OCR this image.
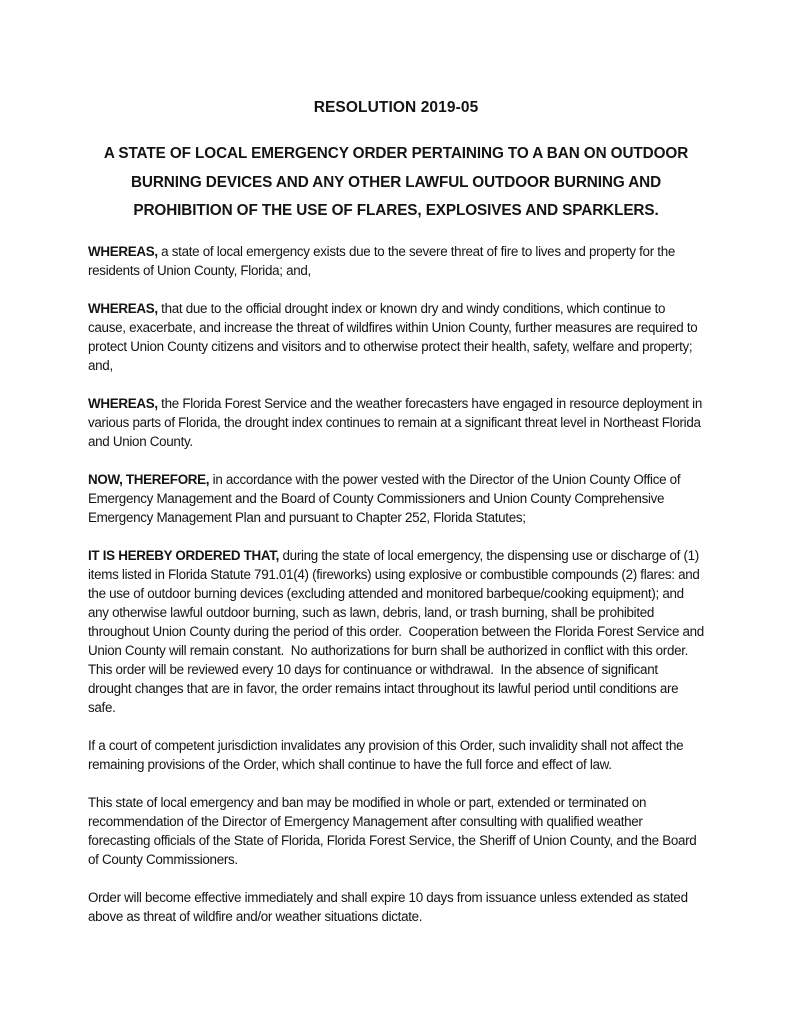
RESOLUTION 2019-05
A STATE OF LOCAL EMERGENCY ORDER PERTAINING TO A BAN ON OUTDOOR
BURNING DEVICES AND ANY OTHER LAWFUL OUTDOOR BURNING AND
PROHIBITION OF THE USE OF FLARES, EXPLOSIVES AND SPARKLERS.

WHEREAS, a state of local emergency exists due to the severe threat of fire to lives and property for the residents of Union County, Florida; and,

WHEREAS, that due to the official drought index or known dry and windy conditions, which continue to cause, exacerbate, and increase the threat of wildfires within Union County, further measures are required to protect Union County citizens and visitors and to otherwise protect their health, safety, welfare and property; and,

WHEREAS, the Florida Forest Service and the weather forecasters have engaged in resource deployment in various parts of Florida, the drought index continues to remain at a significant threat level in Northeast Florida and Union County.

NOW, THEREFORE, in accordance with the power vested with the Director of the Union County Office of Emergency Management and the Board of County Commissioners and Union County Comprehensive Emergency Management Plan and pursuant to Chapter 252, Florida Statutes;

IT IS HEREBY ORDERED THAT, during the state of local emergency, the dispensing use or discharge of (1) items listed in Florida Statute 791.01(4) (fireworks) using explosive or combustible compounds (2) flares: and the use of outdoor burning devices (excluding attended and monitored barbeque/cooking equipment); and any otherwise lawful outdoor burning, such as lawn, debris, land, or trash burning, shall be prohibited throughout Union County during the period of this order.  Cooperation between the Florida Forest Service and Union County will remain constant.  No authorizations for burn shall be authorized in conflict with this order.  This order will be reviewed every 10 days for continuance or withdrawal.  In the absence of significant drought changes that are in favor, the order remains intact throughout its lawful period until conditions are safe.

If a court of competent jurisdiction invalidates any provision of this Order, such invalidity shall not affect the remaining provisions of the Order, which shall continue to have the full force and effect of law.

This state of local emergency and ban may be modified in whole or part, extended or terminated on recommendation of the Director of Emergency Management after consulting with qualified weather forecasting officials of the State of Florida, Florida Forest Service, the Sheriff of Union County, and the Board of County Commissioners.

Order will become effective immediately and shall expire 10 days from issuance unless extended as stated above as threat of wildfire and/or weather situations dictate.
